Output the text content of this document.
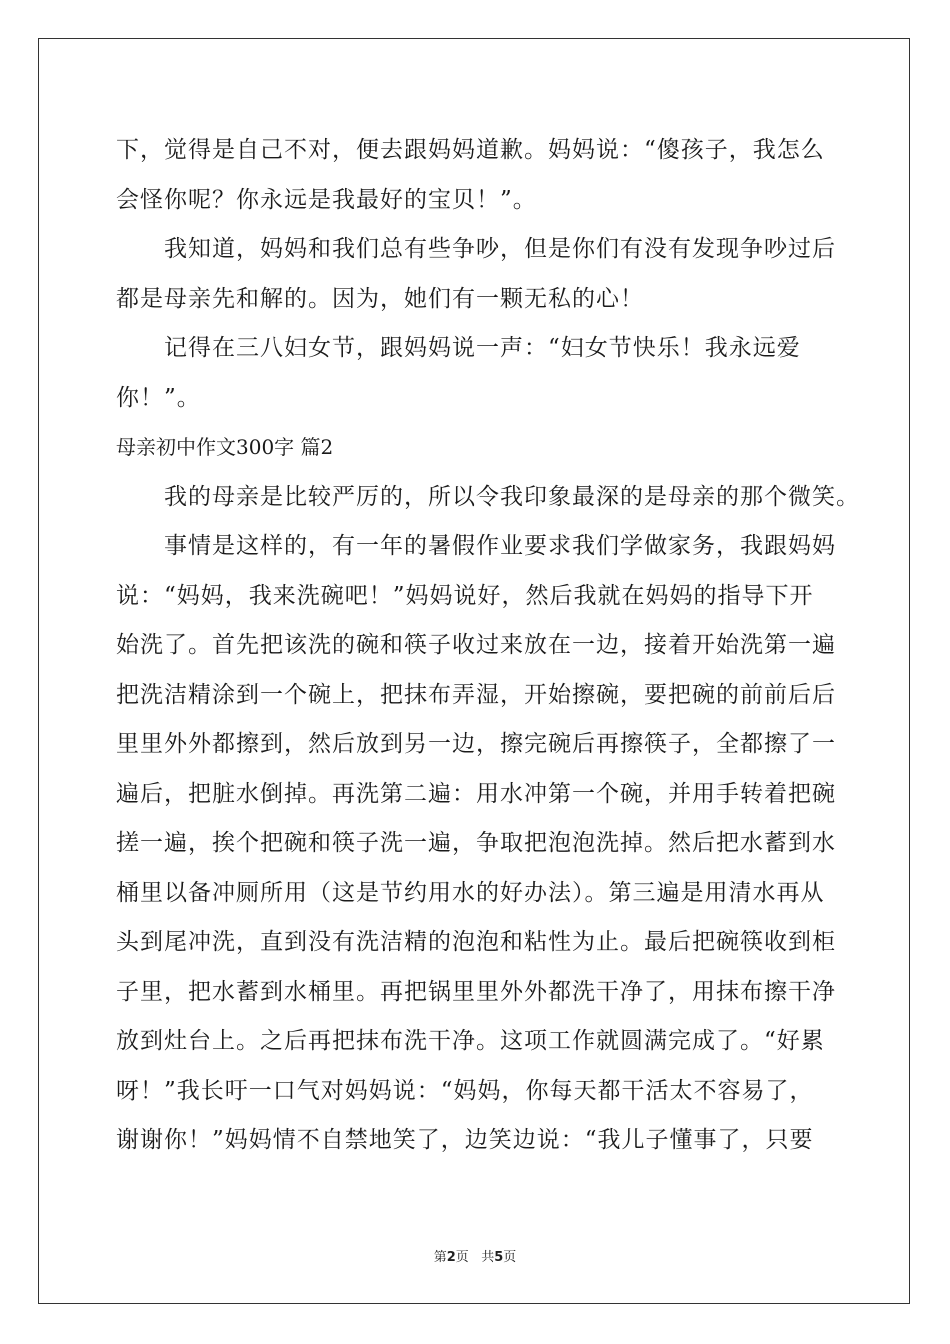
下，觉得是自己不对，便去跟妈妈道歉。妈妈说：“傻孩子，我怎么
会怪你呢？你永远是我最好的宝贝！”。
我知道，妈妈和我们总有些争吵，但是你们有没有发现争吵过后
都是母亲先和解的。因为，她们有一颗无私的心！
记得在三八妇女节，跟妈妈说一声：“妇女节快乐！我永远爱
你！”。
母亲初中作文300字 篇2
我的母亲是比较严厉的，所以令我印象最深的是母亲的那个微笑。
事情是这样的，有一年的暑假作业要求我们学做家务，我跟妈妈
说：“妈妈，我来洗碗吧！”妈妈说好，然后我就在妈妈的指导下开
始洗了。首先把该洗的碗和筷子收过来放在一边，接着开始洗第一遍
把洗洁精涂到一个碗上，把抹布弄湿，开始擦碗，要把碗的前前后后
里里外外都擦到，然后放到另一边，擦完碗后再擦筷子，全都擦了一
遍后，把脏水倒掉。再洗第二遍：用水冲第一个碗，并用手转着把碗
搓一遍，挨个把碗和筷子洗一遍，争取把泡泡洗掉。然后把水蓄到水
桶里以备冲厕所用（这是节约用水的好办法）。第三遍是用清水再从
头到尾冲洗，直到没有洗洁精的泡泡和粘性为止。最后把碗筷收到柜
子里，把水蓄到水桶里。再把锅里里外外都洗干净了，用抹布擦干净
放到灶台上。之后再把抹布洗干净。这项工作就圆满完成了。“好累
呀！”我长吁一口气对妈妈说：“妈妈，你每天都干活太不容易了，
谢谢你！”妈妈情不自禁地笑了，边笑边说：“我儿子懂事了，只要
第2页 共5页
